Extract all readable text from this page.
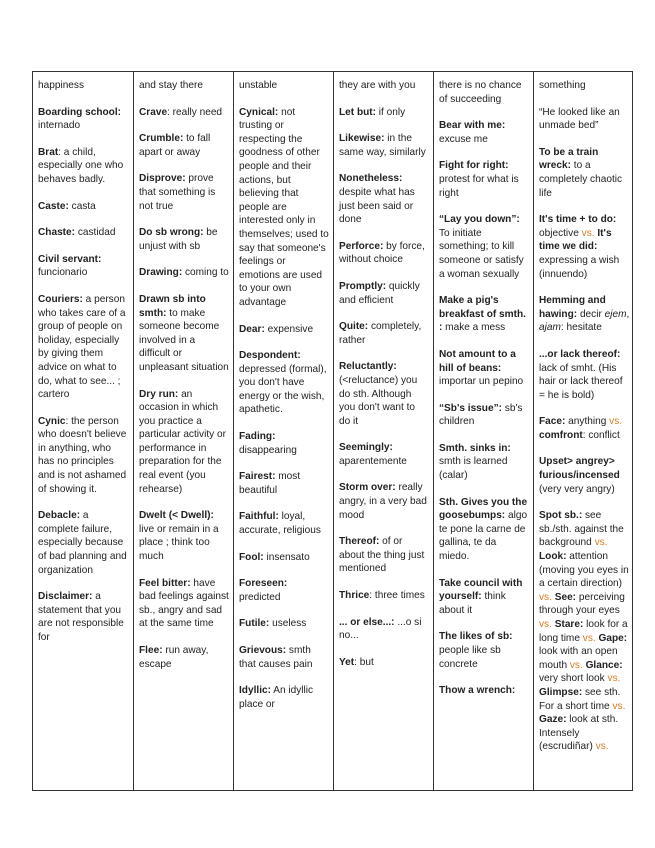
happiness
Boarding school: internado
Brat: a child, especially one who behaves badly.
Caste: casta
Chaste: castidad
Civil servant: funcionario
Couriers: a person who takes care of a group of people on holiday, especially by giving them advice on what to do, what to see... ; cartero
Cynic: the person who doesn't believe in anything, who has no principles and is not ashamed of showing it.
Debacle: a complete failure, especially because of bad planning and organization
Disclaimer: a statement that you are not responsible for
and stay there
Crave: really need
Crumble: to fall apart or away
Disprove: prove that something is not true
Do sb wrong: be unjust with sb
Drawing: coming to
Drawn sb into smth: to make someone become involved in a difficult or unpleasant situation
Dry run: an occasion in which you practice a particular activity or performance in preparation for the real event (you rehearse)
Dwelt (< Dwell): live or remain in a place ; think too much
Feel bitter: have bad feelings against sb., angry and sad at the same time
Flee: run away, escape
unstable
Cynical: not trusting or respecting the goodness of other people and their actions, but believing that people are interested only in themselves; used to say that someone's feelings or emotions are used to your own advantage
Dear: expensive
Despondent: depressed (formal), you don't have energy or the wish, apathetic.
Fading: disappearing
Fairest: most beautiful
Faithful: loyal, accurate, religious
Fool: insensato
Foreseen: predicted
Futile: useless
Grievous: smth that causes pain
Idyllic: An idyllic place or
they are with you
Let but: if only
Likewise: in the same way, similarly
Nonetheless: despite what has just been said or done
Perforce: by force, without choice
Promptly: quickly and efficient
Quite: completely, rather
Reluctantly: (<reluctance) you do sth. Although you don't want to do it
Seemingly: aparentemente
Storm over: really angry, in a very bad mood
Thereof: of or about the thing just mentioned
Thrice: three times
... or else...: ...o si no...
Yet: but
there is no chance of succeeding
Bear with me: excuse me
Fight for right: protest for what is right
“Lay you down”: To initiate something; to kill someone or satisfy a woman sexually
Make a pig's breakfast of smth. : make a mess
Not amount to a hill of beans: importar un pepino
“Sb's issue”: sb's children
Smth. sinks in: smth is learned (calar)
Sth. Gives you the goosebumps: algo te pone la carne de gallina, te da miedo.
Take council with yourself: think about it
The likes of sb: people like sb concrete
Thow a wrench:
something
“He looked like an unmade bed”
To be a train wreck: to a completely chaotic life
It's time + to do: objective vs. It's time we did: expressing a wish (innuendo)
Hemming and hawing: decir ejem, ajam: hesitate
...or lack thereof: lack of smht. (His hair or lack thereof = he is bold)
Face: anything vs. comfront: conflict
Upset> angrey> furious/incensed (very very angry)
Spot sb.: see sb./sth. against the background vs. Look: attention (moving you eyes in a certain direction) vs. See: perceiving through your eyes vs. Stare: look for a long time vs. Gape: look with an open mouth vs. Glance: very short look vs. Glimpse: see sth. For a short time vs. Gaze: look at sth. Intensely (escrudiñar) vs.
